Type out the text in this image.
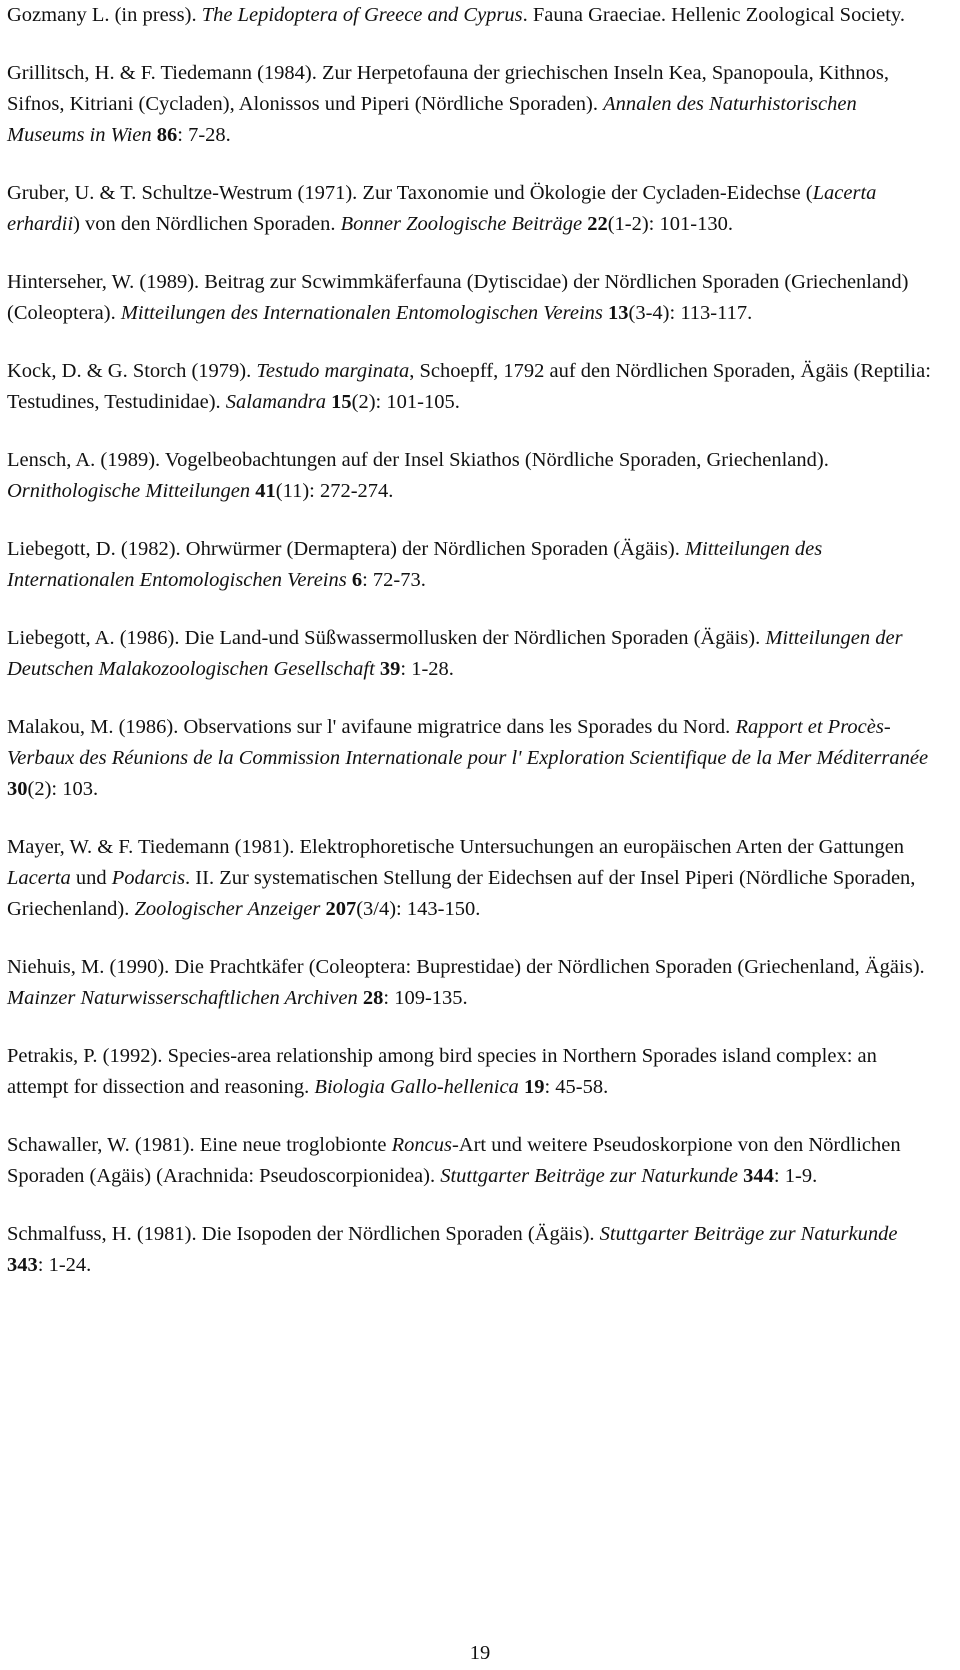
Gozmany L. (in press). The Lepidoptera of Greece and Cyprus. Fauna Graeciae. Hellenic Zoological Society.

Grillitsch, H. & F. Tiedemann (1984). Zur Herpetofauna der griechischen Inseln Kea, Spanopoula, Kithnos, Sifnos, Kitriani (Cycladen), Alonissos und Piperi (Nördliche Sporaden). Annalen des Naturhistorischen Museums in Wien 86: 7-28.

Gruber, U. & T. Schultze-Westrum (1971). Zur Taxonomie und Ökologie der Cycladen-Eidechse (Lacerta erhardii) von den Nördlichen Sporaden. Bonner Zoologische Beiträge 22(1-2): 101-130.

Hinterseher, W. (1989). Beitrag zur Scwimmkäferfauna (Dytiscidae) der Nördlichen Sporaden (Griechenland) (Coleoptera). Mitteilungen des Internationalen Entomologischen Vereins 13(3-4): 113-117.

Kock, D. & G. Storch (1979). Testudo marginata, Schoepff, 1792 auf den Nördlichen Sporaden, Ägäis (Reptilia: Testudines, Testudinidae). Salamandra 15(2): 101-105.

Lensch, A. (1989). Vogelbeobachtungen auf der Insel Skiathos (Nördliche Sporaden, Griechenland). Ornithologische Mitteilungen 41(11): 272-274.

Liebegott, D. (1982). Ohrwürmer (Dermaptera) der Nördlichen Sporaden (Ägäis). Mitteilungen des Internationalen Entomologischen Vereins 6: 72-73.

Liebegott, A. (1986). Die Land-und Süßwassermollusken der Nördlichen Sporaden (Ägäis). Mitteilungen der Deutschen Malakozoologischen Gesellschaft 39: 1-28.

Malakou, M. (1986). Observations sur l' avifaune migratrice dans les Sporades du Nord. Rapport et Procès-Verbaux des Réunions de la Commission Internationale pour l' Exploration Scientifique de la Mer Méditerranée 30(2): 103.

Mayer, W. & F. Tiedemann (1981). Elektrophoretische Untersuchungen an europäischen Arten der Gattungen Lacerta und Podarcis. II. Zur systematischen Stellung der Eidechsen auf der Insel Piperi (Nördliche Sporaden, Griechenland). Zoologischer Anzeiger 207(3/4): 143-150.

Niehuis, M. (1990). Die Prachtkäfer (Coleoptera: Buprestidae) der Nördlichen Sporaden (Griechenland, Ägäis). Mainzer Naturwisserschaftlichen Archiven 28: 109-135.

Petrakis, P. (1992). Species-area relationship among bird species in Northern Sporades island complex: an attempt for dissection and reasoning. Biologia Gallo-hellenica 19: 45-58.

Schawaller, W. (1981). Eine neue troglobionte Roncus-Art und weitere Pseudoskorpione von den Nördlichen Sporaden (Agäis) (Arachnida: Pseudoscorpionidea). Stuttgarter Beiträge zur Naturkunde 344: 1-9.

Schmalfuss, H. (1981). Die Isopoden der Nördlichen Sporaden (Ägäis). Stuttgarter Beiträge zur Naturkunde 343: 1-24.

19
